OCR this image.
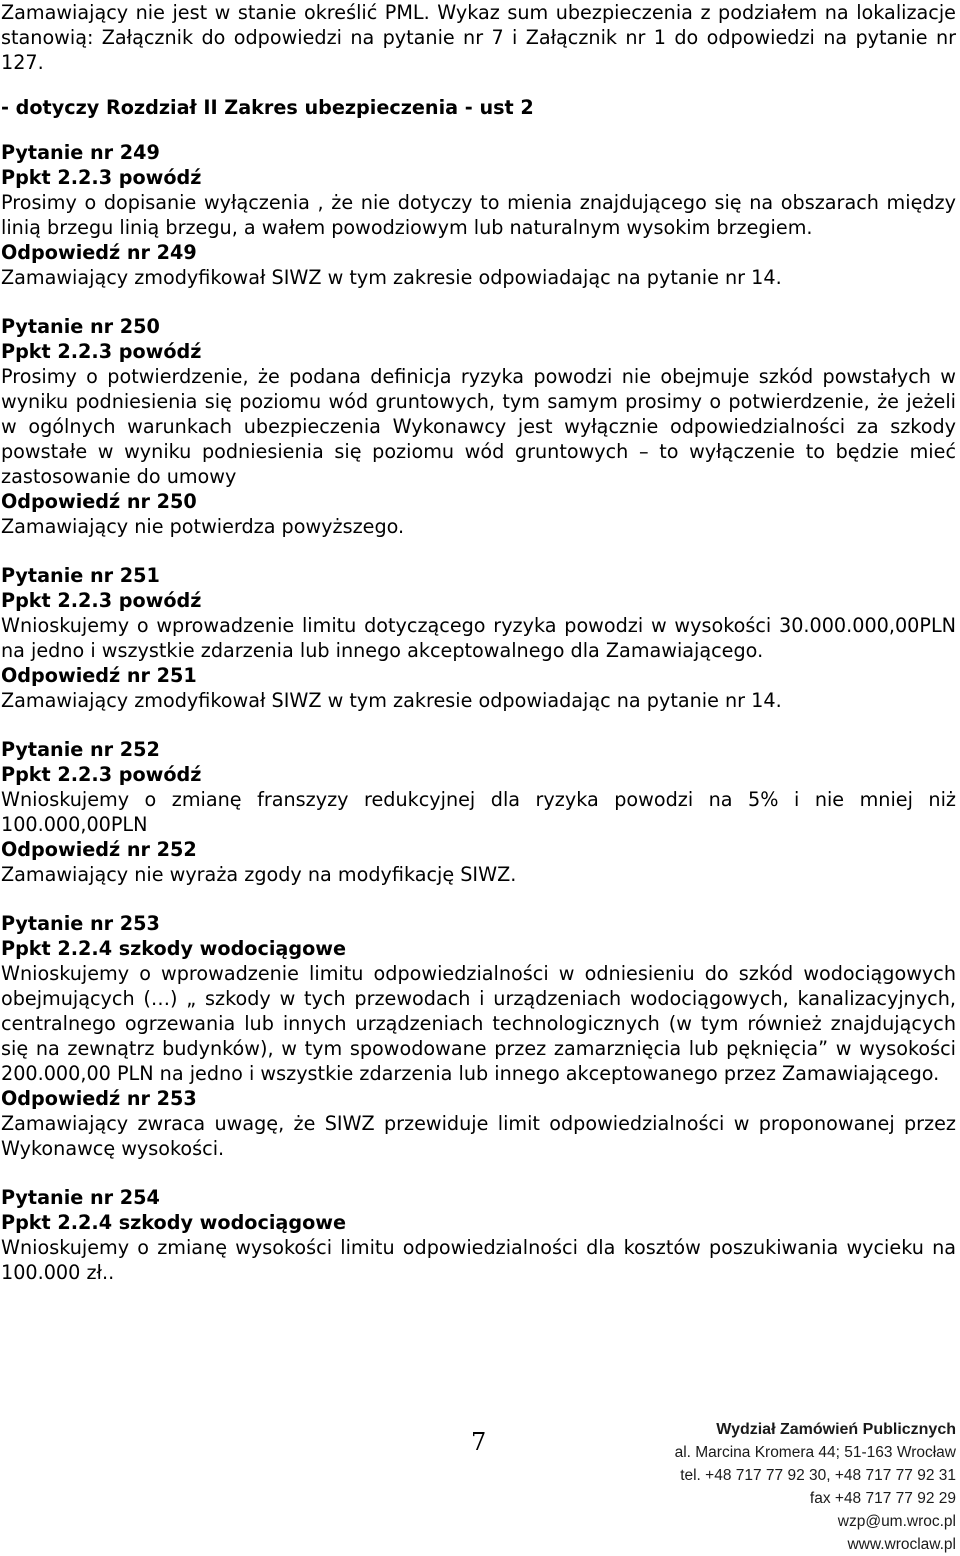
Zamawiający nie jest w stanie określić PML. Wykaz sum ubezpieczenia z podziałem na lokalizacje stanowią: Załącznik do odpowiedzi na pytanie nr 7 i Załącznik nr 1 do odpowiedzi na pytanie nr 127.

- dotyczy Rozdział II Zakres ubezpieczenia - ust 2

Pytanie nr 249

Ppkt 2.2.3 powódź

Prosimy o dopisanie wyłączenia , że nie dotyczy to mienia znajdującego się na obszarach między linią brzegu linią brzegu, a wałem powodziowym lub naturalnym wysokim brzegiem.

Odpowiedź nr 249

Zamawiający zmodyfikował SIWZ w tym zakresie odpowiadając na pytanie nr 14.

Pytanie nr 250

Ppkt 2.2.3 powódź

Prosimy o potwierdzenie, że podana definicja ryzyka powodzi nie obejmuje szkód powstałych w wyniku podniesienia się poziomu wód gruntowych, tym samym prosimy o potwierdzenie, że jeżeli w ogólnych warunkach ubezpieczenia Wykonawcy jest wyłącznie odpowiedzialności za szkody powstałe w wyniku podniesienia się poziomu wód gruntowych – to wyłączenie to będzie mieć zastosowanie do umowy

Odpowiedź nr 250

Zamawiający nie potwierdza powyższego.

Pytanie nr 251

Ppkt 2.2.3 powódź

Wnioskujemy o wprowadzenie limitu dotyczącego ryzyka powodzi w wysokości 30.000.000,00PLN na jedno i wszystkie zdarzenia lub innego akceptowalnego dla Zamawiającego.

Odpowiedź nr 251

Zamawiający zmodyfikował SIWZ w tym zakresie odpowiadając na pytanie nr 14.

Pytanie nr 252

Ppkt 2.2.3 powódź

Wnioskujemy o zmianę franszyzy redukcyjnej dla ryzyka powodzi na 5% i nie mniej niż 100.000,00PLN

Odpowiedź nr 252

Zamawiający nie wyraża zgody na modyfikację SIWZ.

Pytanie nr 253

Ppkt 2.2.4 szkody wodociągowe

Wnioskujemy o wprowadzenie limitu odpowiedzialności w odniesieniu do szkód wodociągowych obejmujących (…) „ szkody w tych przewodach i urządzeniach wodociągowych, kanalizacyjnych, centralnego ogrzewania lub innych urządzeniach technologicznych (w tym również znajdujących się na zewnątrz budynków), w tym spowodowane przez zamarznięcia lub pęknięcia” w wysokości 200.000,00 PLN na jedno i wszystkie zdarzenia lub innego akceptowanego przez Zamawiającego.

Odpowiedź nr 253

Zamawiający zwraca uwagę, że SIWZ przewiduje limit odpowiedzialności w proponowanej przez Wykonawcę wysokości.

Pytanie nr 254

Ppkt 2.2.4 szkody wodociągowe

Wnioskujemy o zmianę wysokości limitu odpowiedzialności dla kosztów poszukiwania wycieku na 100.000 zł..

7	Wydział Zamówień Publicznych
al. Marcina Kromera 44; 51-163 Wrocław
tel. +48 717 77 92 30, +48 717 77 92 31
fax +48 717 77 92 29
wzp@um.wroc.pl
www.wroclaw.pl
